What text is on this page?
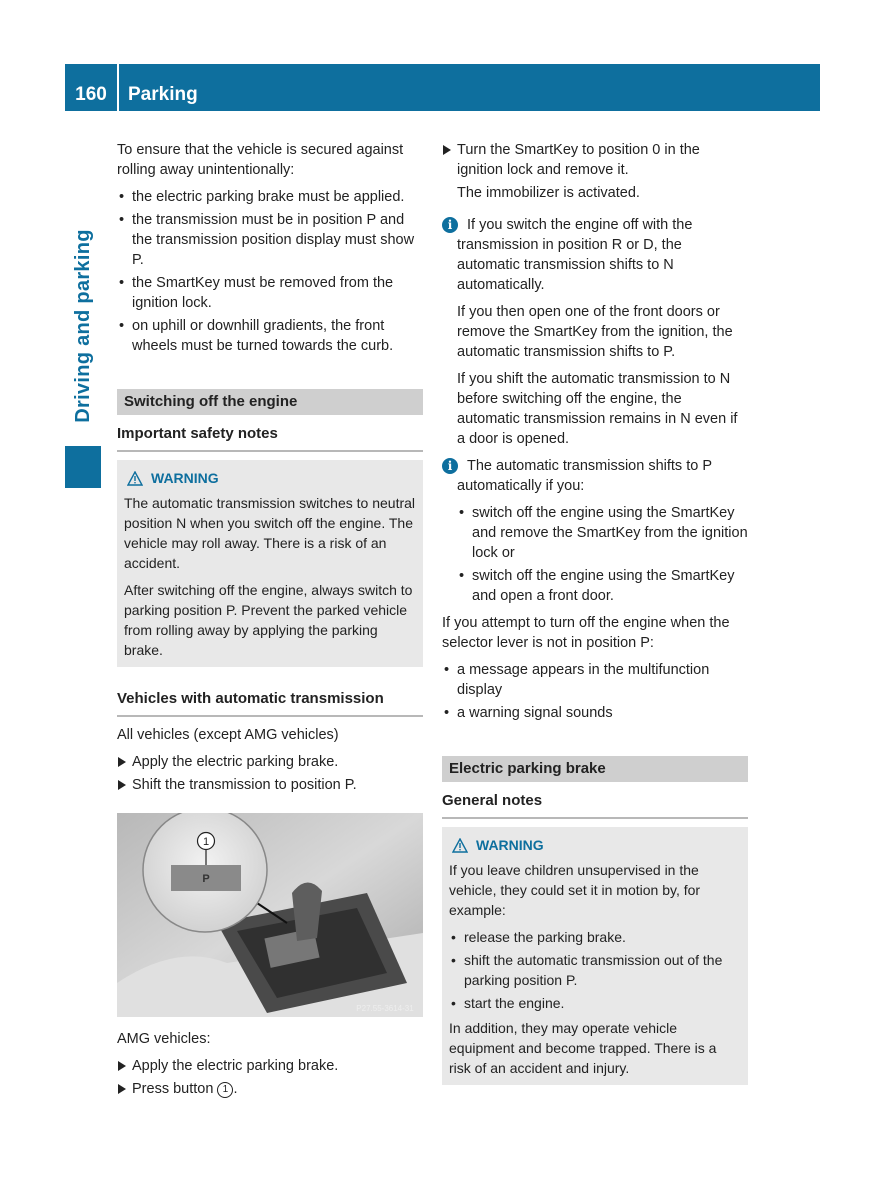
160	Parking
Driving and parking

To ensure that the vehicle is secured against rolling away unintentionally:

• the electric parking brake must be applied.
• the transmission must be in position P and the transmission position display must show P.
• the SmartKey must be removed from the ignition lock.
• on uphill or downhill gradients, the front wheels must be turned towards the curb.
Switching off the engine
Important safety notes
WARNING

The automatic transmission switches to neutral position N when you switch off the engine. The vehicle may roll away. There is a risk of an accident.

After switching off the engine, always switch to parking position P. Prevent the parked vehicle from rolling away by applying the parking brake.

Vehicles with automatic transmission

All vehicles (except AMG vehicles)

Apply the electric parking brake.
Shift the transmission to position P.
1
P
P27.55-3614-31

AMG vehicles:

Apply the electric parking brake.
Press button 1 .
Turn the SmartKey to position 0 in the ignition lock and remove it.

The immobilizer is activated.

i	If you switch the engine off with the transmission in position R or D, the automatic transmission shifts to N automatically.

If you then open one of the front doors or remove the SmartKey from the ignition, the automatic transmission shifts to P.

If you shift the automatic transmission to N before switching off the engine, the automatic transmission remains in N even if a door is opened.

i	The automatic transmission shifts to P automatically if you:

• switch off the engine using the SmartKey and remove the SmartKey from the ignition lock or
• switch off the engine using the SmartKey and open a front door.

If you attempt to turn off the engine when the selector lever is not in position P:

• a message appears in the multifunction display
• a warning signal sounds
Electric parking brake
General notes
WARNING

If you leave children unsupervised in the vehicle, they could set it in motion by, for example:

• release the parking brake.
• shift the automatic transmission out of the parking position P.
• start the engine.

In addition, they may operate vehicle equipment and become trapped. There is a risk of an accident and injury.
